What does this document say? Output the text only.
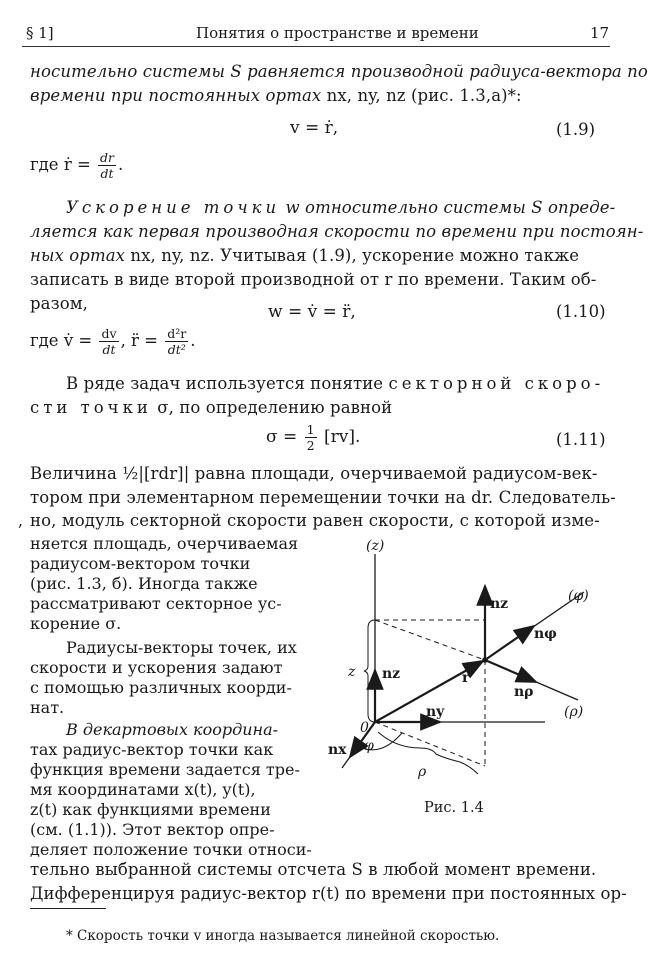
§ 1]	Понятия о пространстве и времени	17
носительно системы S равняется производной радиуса-вектора по
времени при постоянных ортах nx, ny, nz (рис. 1.3,а)*:
v = ṙ,	(1.9)
где ṙ = $\frac{dr}{dt}$ .
Ускорение точки w относительно системы S опреде-
ляется как первая производная скорости по времени при постоян-
ных ортах nx, ny, nz. Учитывая (1.9), ускорение можно также
записать в виде второй производной от r по времени. Таким об-
разом,	w = v̇ = r̈,	(1.10)
где v̇ = $\frac{dv}{dt}$ , r̈ = $\frac{\text{d²r}}{\text{dt²}}$ .
В ряде задач используется понятие секторной скоро-
сти точки σ, по определению равной
$\sigma = \frac{1}{2} [rv]$.	(1.11)
Величина ½|[rdr]| равна площади, очерчиваемой радиусом-век-
тором при элементарном перемещении точки на dr. Следователь-
, но, модуль секторной скорости равен скорости, с которой изме-
няется площадь, очерчиваемая
радиусом-вектором точки
(рис. 1.3, б). Иногда также
рассматривают секторное ус-
корение σ.
Радиусы-векторы точек, их
скорости и ускорения задают
с помощью различных коорди-
нат.
В декартовых координа-
тах радиус-вектор точки как
функция времени задается тре-
мя координатами x(t), y(t),
z(t) как функциями времени
(см. (1.1)). Этот вектор опре-
деляет положение точки относи-
(z)
(φ)
(ρ)
0
nz
nφ
nρ
ny
nx
r
z nz
φ
ρ
Рис. 1.4
тельно выбранной системы отсчета S в любой момент времени.
Дифференцируя радиус-вектор r(t) по времени при постоянных ор-
* Скорость точки v иногда называется линейной скоростью.
